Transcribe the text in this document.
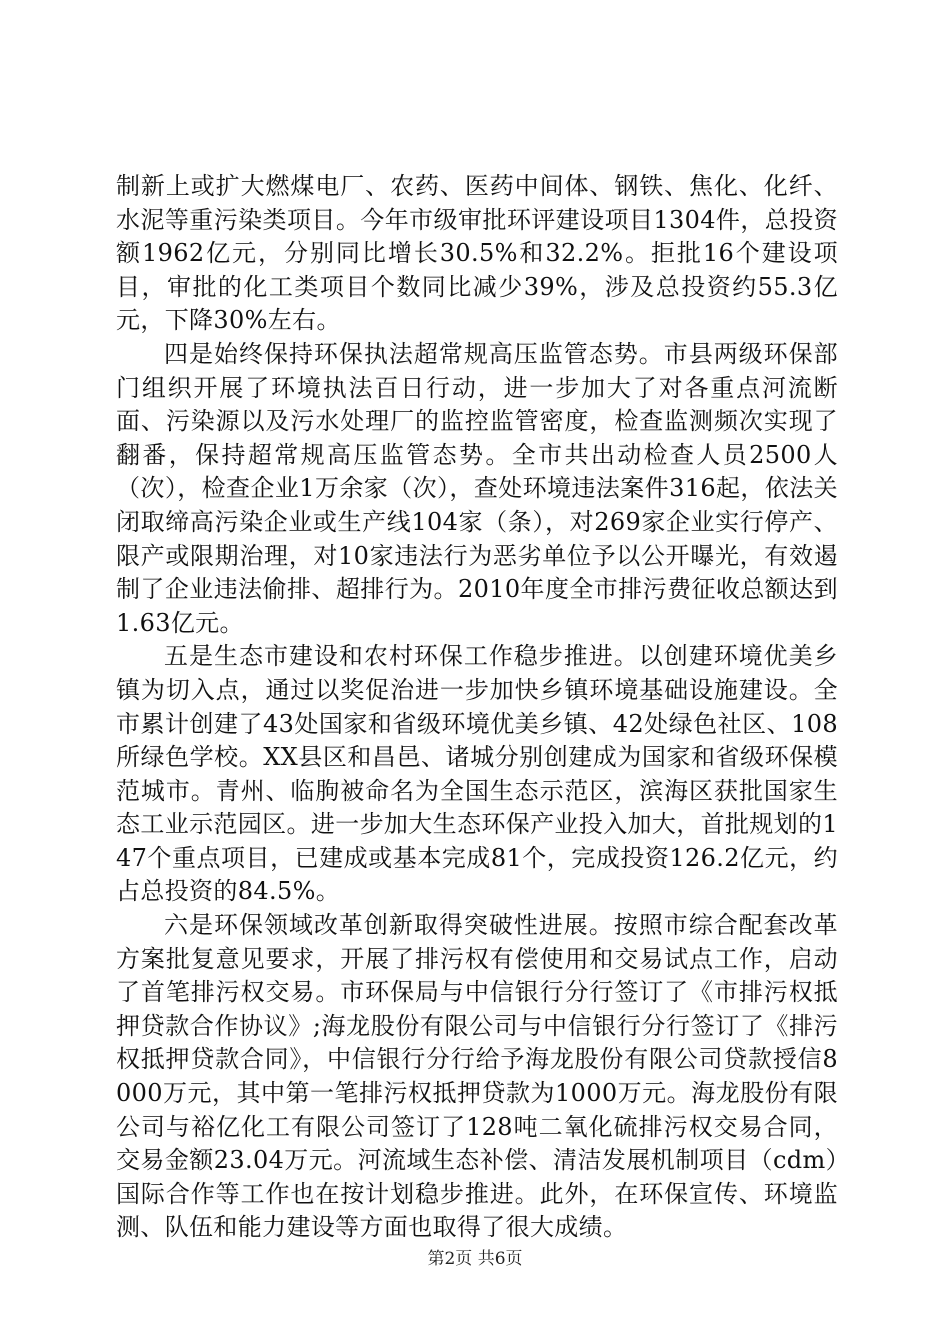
制新上或扩大燃煤电厂、农药、医药中间体、钢铁、焦化、化纤、水泥等重污染类项目。今年市级审批环评建设项目1304件，总投资额1962亿元，分别同比增长30.5%和32.2%。拒批16个建设项目，审批的化工类项目个数同比减少39%，涉及总投资约55.3亿元，下降30%左右。

四是始终保持环保执法超常规高压监管态势。市县两级环保部门组织开展了环境执法百日行动，进一步加大了对各重点河流断面、污染源以及污水处理厂的监控监管密度，检查监测频次实现了翻番，保持超常规高压监管态势。全市共出动检查人员2500人（次），检查企业1万余家（次），查处环境违法案件316起，依法关闭取缔高污染企业或生产线104家（条），对269家企业实行停产、限产或限期治理，对10家违法行为恶劣单位予以公开曝光，有效遏制了企业违法偷排、超排行为。2010年度全市排污费征收总额达到1.63亿元。

五是生态市建设和农村环保工作稳步推进。以创建环境优美乡镇为切入点，通过以奖促治进一步加快乡镇环境基础设施建设。全市累计创建了43处国家和省级环境优美乡镇、42处绿色社区、108所绿色学校。XX县区和昌邑、诸城分别创建成为国家和省级环保模范城市。青州、临朐被命名为全国生态示范区，滨海区获批国家生态工业示范园区。进一步加大生态环保产业投入加大，首批规划的147个重点项目，已建成或基本完成81个，完成投资126.2亿元，约占总投资的84.5%。

六是环保领域改革创新取得突破性进展。按照市综合配套改革方案批复意见要求，开展了排污权有偿使用和交易试点工作，启动了首笔排污权交易。市环保局与中信银行分行签订了《市排污权抵押贷款合作协议》;海龙股份有限公司与中信银行分行签订了《排污权抵押贷款合同》，中信银行分行给予海龙股份有限公司贷款授信8000万元，其中第一笔排污权抵押贷款为1000万元。海龙股份有限公司与裕亿化工有限公司签订了128吨二氧化硫排污权交易合同，交易金额23.04万元。河流域生态补偿、清洁发展机制项目（cdm）国际合作等工作也在按计划稳步推进。此外，在环保宣传、环境监测、队伍和能力建设等方面也取得了很大成绩。

第2页 共6页
